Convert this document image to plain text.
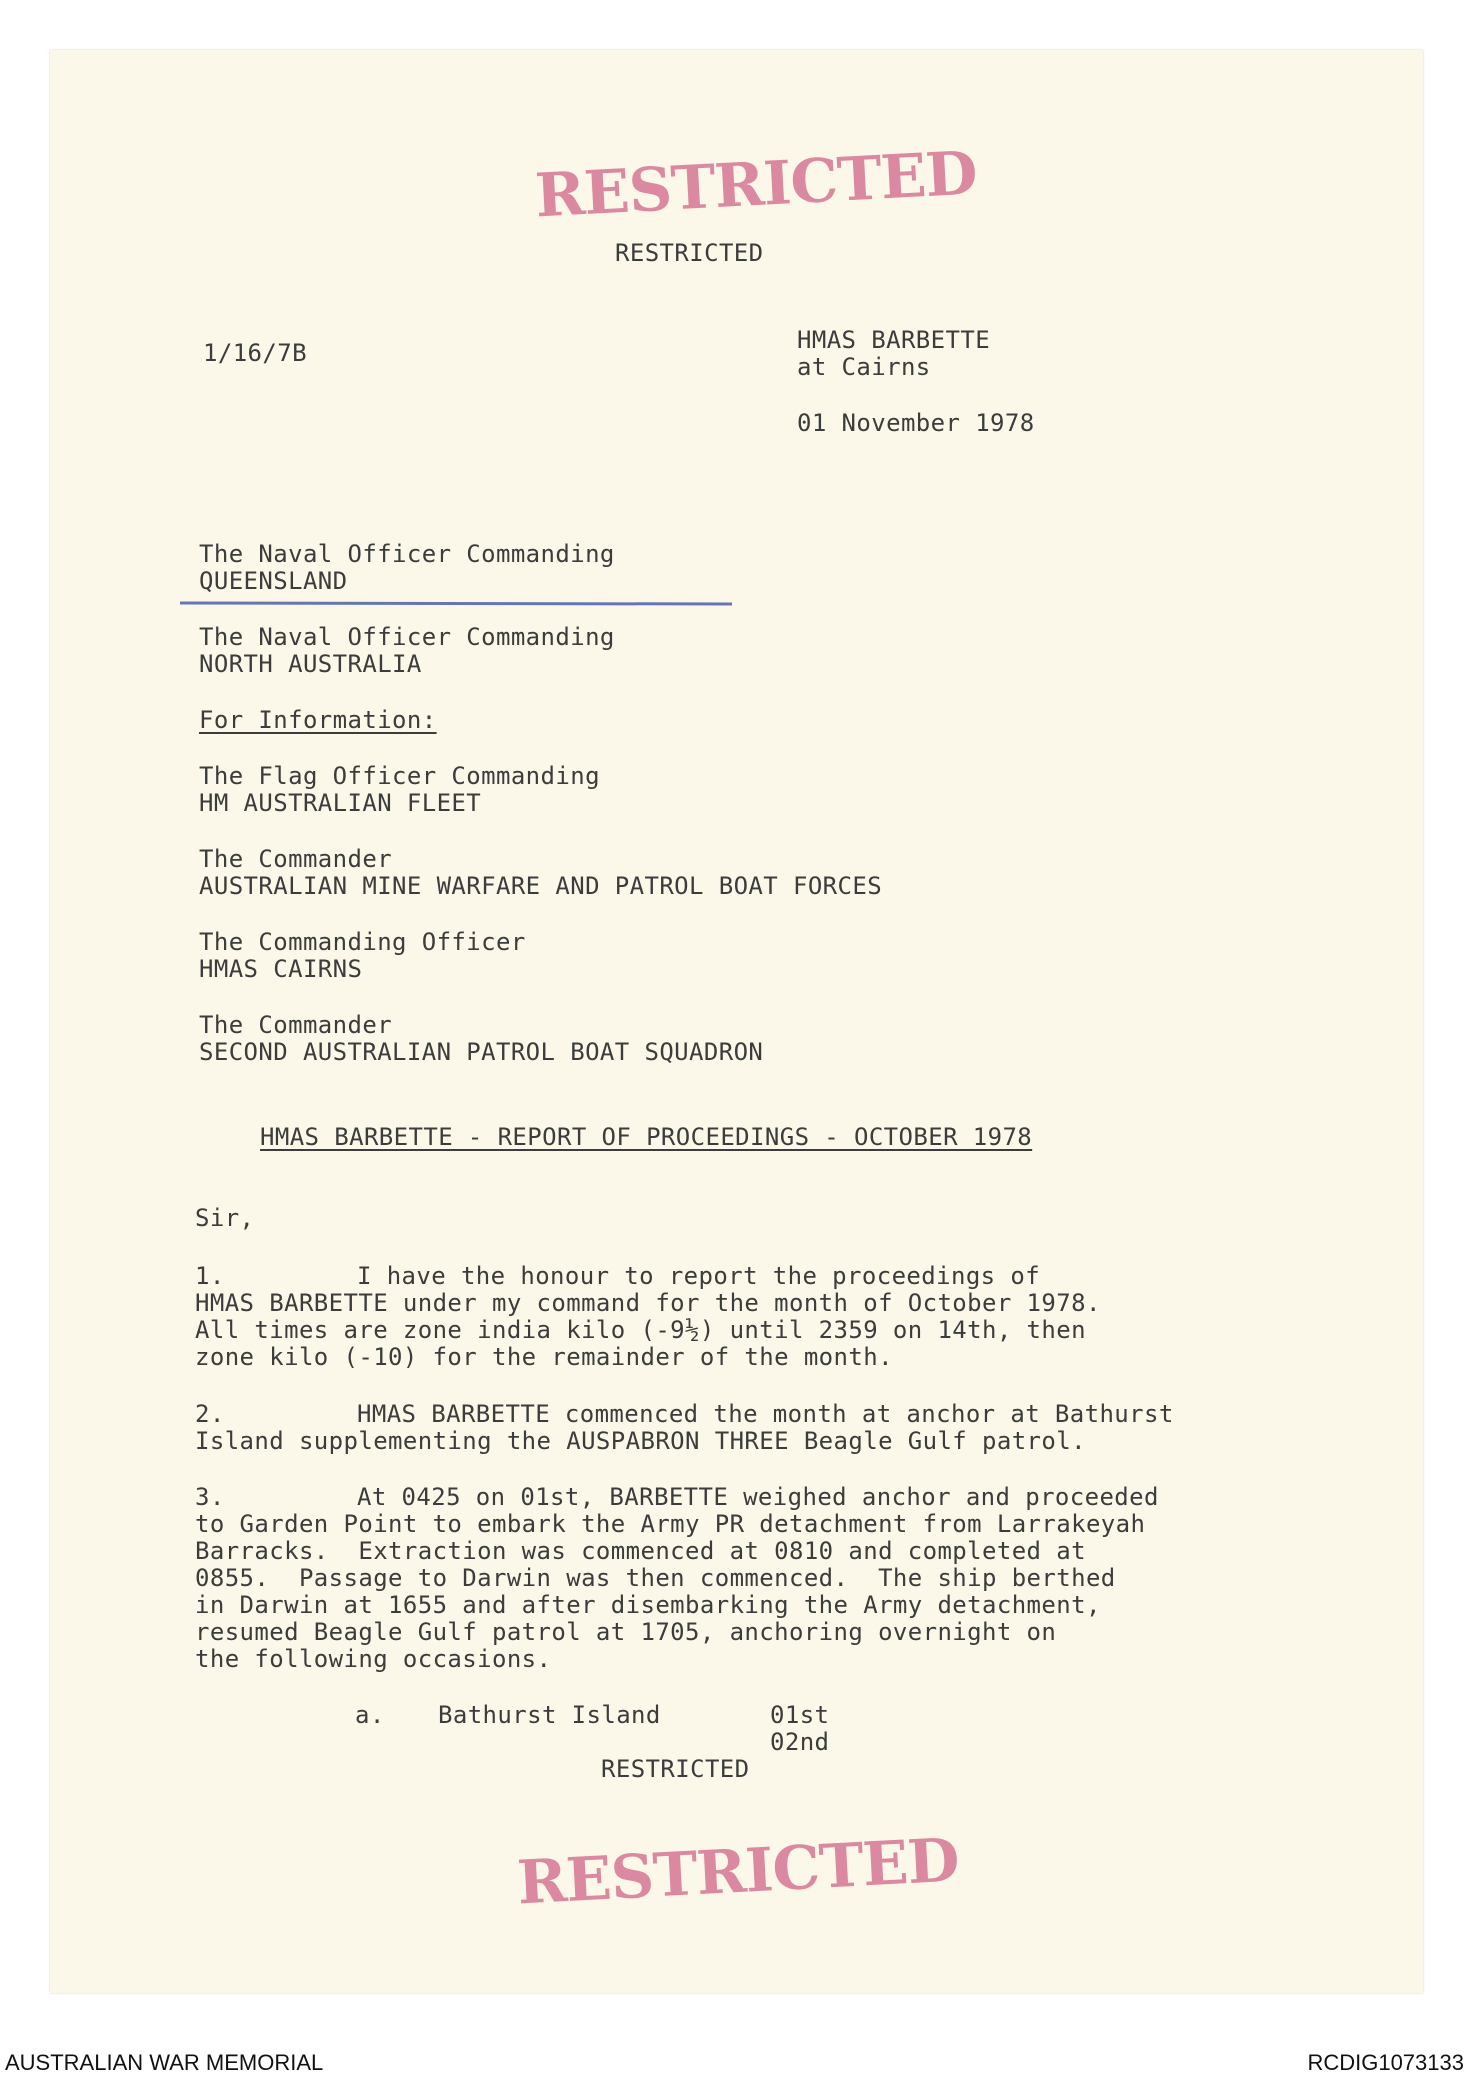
RESTRICTED
RESTRICTED
1/16/7B	HMAS BARBETTE
at Cairns
01 November 1978
The Naval Officer Commanding
QUEENSLAND
The Naval Officer Commanding
NORTH AUSTRALIA
For Information:
The Flag Officer Commanding
HM AUSTRALIAN FLEET
The Commander
AUSTRALIAN MINE WARFARE AND PATROL BOAT FORCES
The Commanding Officer
HMAS CAIRNS
The Commander
SECOND AUSTRALIAN PATROL BOAT SQUADRON
HMAS BARBETTE - REPORT OF PROCEEDINGS - OCTOBER 1978
Sir,
1.	I have the honour to report the proceedings of
HMAS BARBETTE under my command for the month of October 1978.
All times are zone india kilo (-9½) until 2359 on 14th, then
zone kilo (-10) for the remainder of the month.
2.	HMAS BARBETTE commenced the month at anchor at Bathurst
Island supplementing the AUSPABRON THREE Beagle Gulf patrol.
3.	At 0425 on 01st, BARBETTE weighed anchor and proceeded
to Garden Point to embark the Army PR detachment from Larrakeyah
Barracks.  Extraction was commenced at 0810 and completed at
0855.  Passage to Darwin was then commenced.  The ship berthed
in Darwin at 1655 and after disembarking the Army detachment,
resumed Beagle Gulf patrol at 1705, anchoring overnight on
the following occasions.
a. Bathurst Island	01st
02nd
RESTRICTED
RESTRICTED
AUSTRALIAN WAR MEMORIAL	RCDIG1073133
